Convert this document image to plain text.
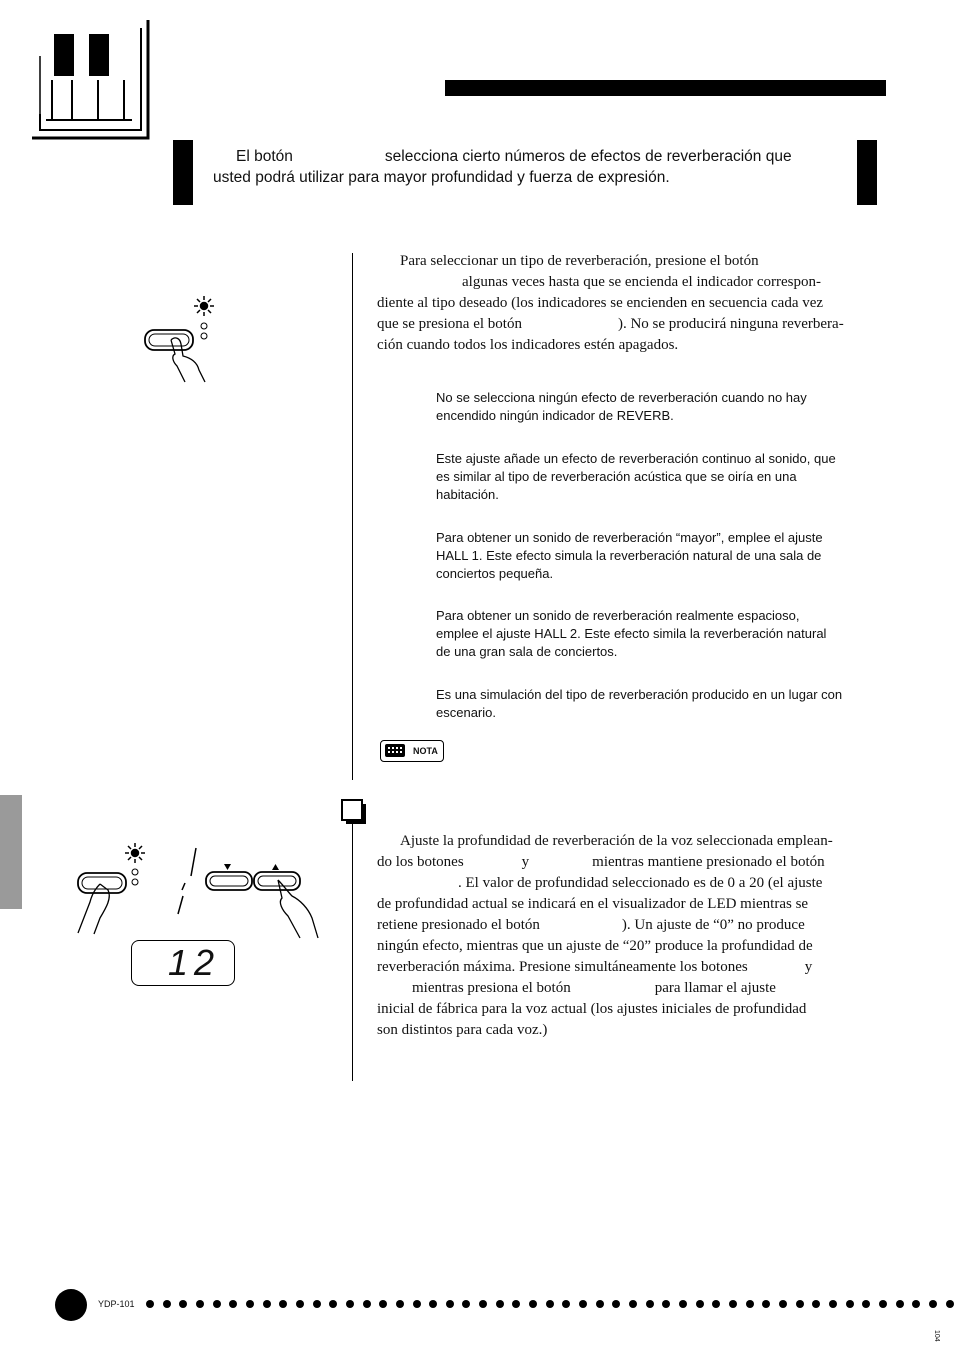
El botón	selecciona cierto números de efectos de reverberación que
usted podrá utilizar para mayor profundidad y fuerza de expresión.
Para seleccionar un tipo de reverberación, presione el botón
algunas veces hasta que se encienda el indicador correspon-
diente al tipo deseado (los indicadores se encienden en secuencia cada vez
que se presiona el botón	). No se producirá ninguna reverbera-
ción cuando todos los indicadores estén apagados.
No se selecciona ningún efecto de reverberación cuando no hay
encendido ningún indicador de REVERB.
Este ajuste añade un efecto de reverberación continuo al sonido, que
es similar al tipo de reverberación acústica que se oiría en una
habitación.
Para obtener un sonido de reverberación “mayor”, emplee el ajuste
HALL 1. Este efecto simula la reverberación natural de una sala de
conciertos pequeña.
Para obtener un sonido de reverberación realmente espacioso,
emplee el ajuste HALL 2. Este efecto simila la reverberación natural
de una gran sala de conciertos.
Es una simulación del tipo de reverberación producido en un lugar con
escenario.
NOTA
12
Ajuste la profundidad de reverberación de la voz seleccionada emplean-
do los botones	y	mientras mantiene presionado el botón
. El valor de profundidad seleccionado es de 0 a 20 (el ajuste
de profundidad actual se indicará en el visualizador de LED mientras se
retiene presionado el botón	). Un ajuste de “0” no produce
ningún efecto, mientras que un ajuste de “20” produce la profundidad de
reverberación máxima. Presione simultáneamente los botones	y
mientras presiona el botón	para llamar el ajuste
inicial de fábrica para la voz actual (los ajustes iniciales de profundidad
son distintos para cada voz.)
YDP-101
104
